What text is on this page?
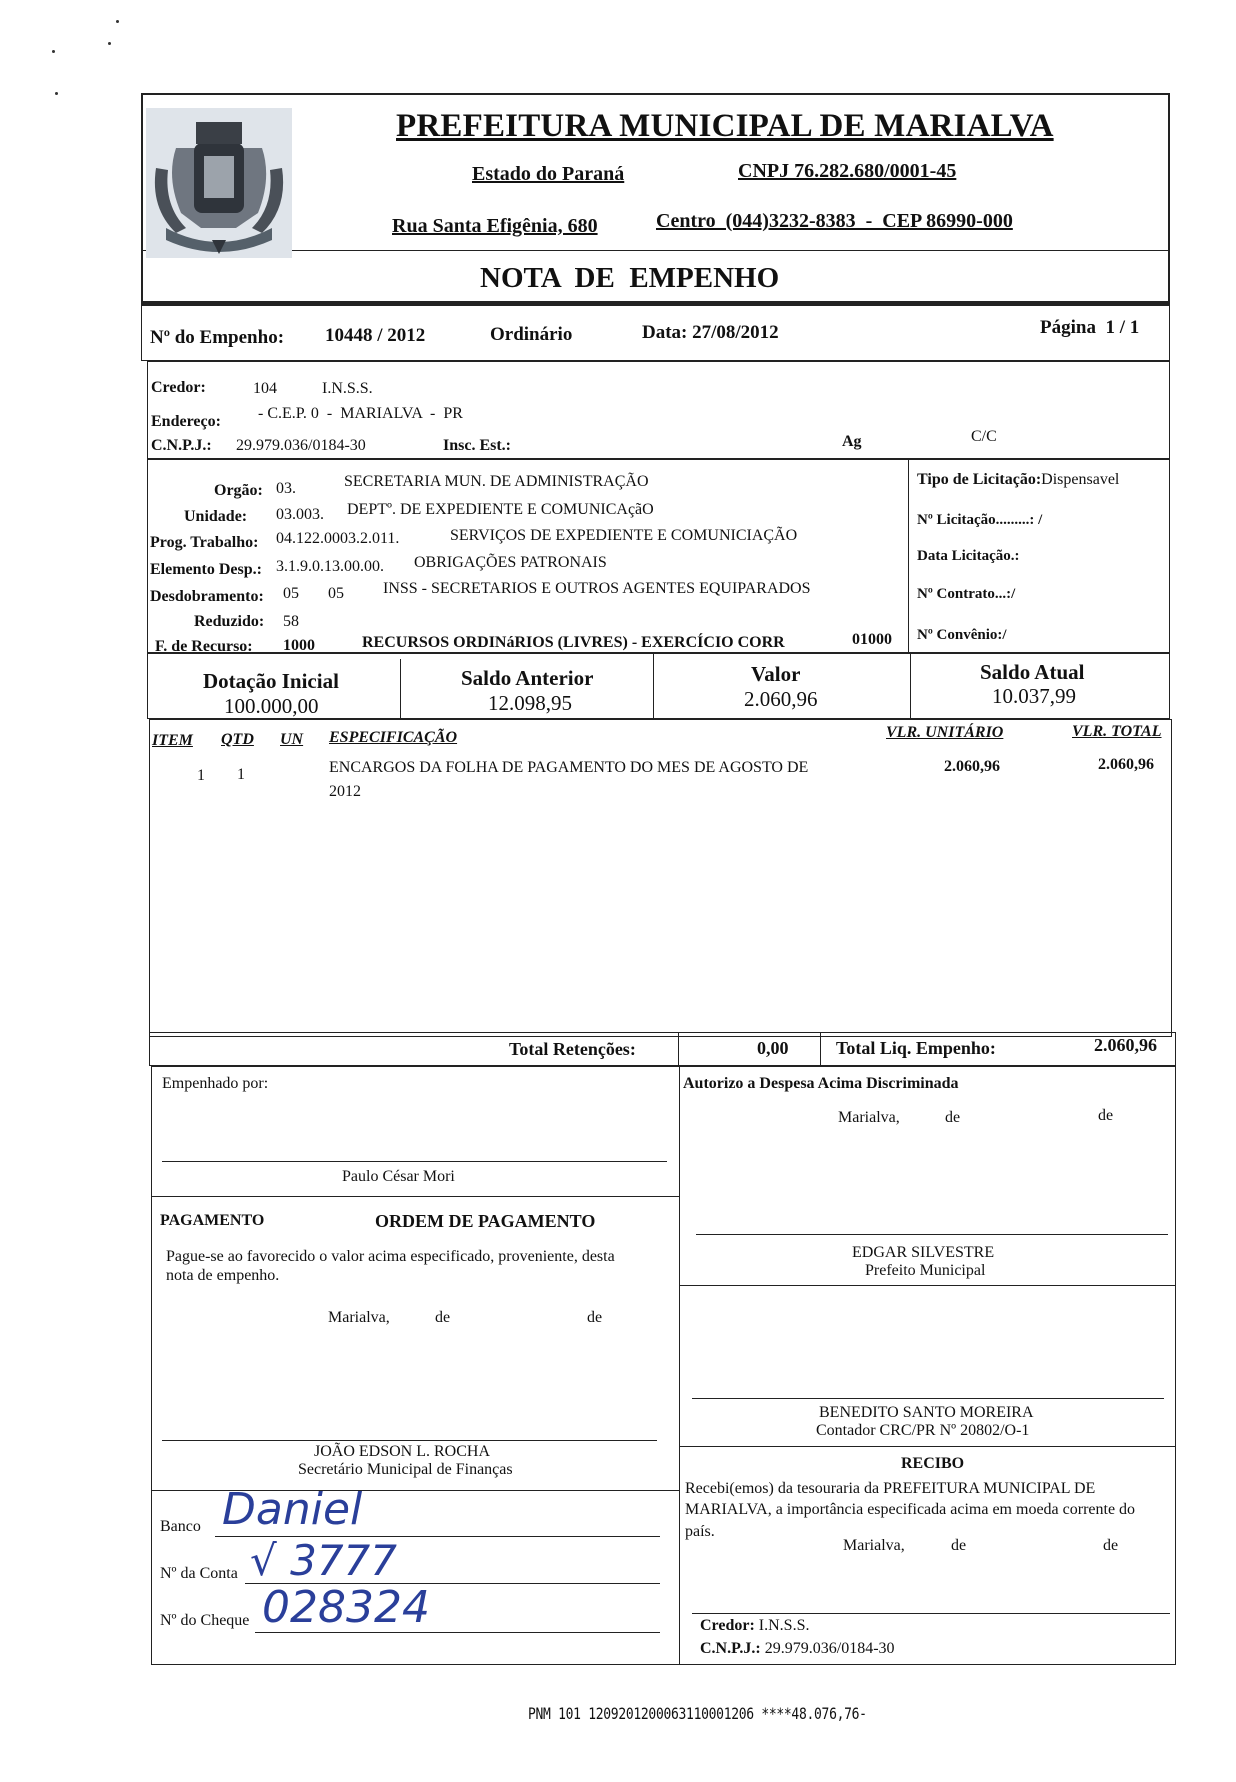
PREFEITURA MUNICIPAL DE MARIALVA
Estado do Paraná	CNPJ 76.282.680/0001-45
Rua Santa Efigênia, 680	Centro  (044)3232-8383  -  CEP 86990-000
NOTA  DE  EMPENHO
Nº do Empenho: 10448 / 2012	Ordinário	Data: 27/08/2012	Página  1 / 1
Credor:	104	I.N.S.S.
Endereço: - C.E.P. 0  -  MARIALVA  -  PR
C.N.P.J.: 29.979.036/0184-30	Insc. Est.:	Ag	C/C
Orgão: 03.	SECRETARIA MUN. DE ADMINISTRAÇÃO
Unidade: 03.003. DEPTº. DE EXPEDIENTE E COMUNICAçãO
Prog. Trabalho: 04.122.0003.2.011.	SERVIÇOS DE EXPEDIENTE E COMUNICIAÇÃO
Elemento Desp.: 3.1.9.0.13.00.00. OBRIGAÇÕES PATRONAIS
Desdobramento: 05 05 INSS - SECRETARIOS E OUTROS AGENTES EQUIPARADOS
Reduzido: 58
F. de Recurso: 1000	RECURSOS ORDINáRIOS (LIVRES) - EXERCÍCIO CORR	01000
Tipo de Licitação:Dispensavel
Nº Licitação.........: /
Data Licitação.:
Nº Contrato...:/
Nº Convênio:/
Dotação Inicial
100.000,00
Saldo Anterior
12.098,95
Valor
2.060,96
Saldo Atual
10.037,99
ITEM QTD UN ESPECIFICAÇÃO	VLR. UNITÁRIO	VLR. TOTAL
1 1	ENCARGOS DA FOLHA DE PAGAMENTO DO MES DE AGOSTO DE
2012
2.060,96	2.060,96
Total Retenções:	0,00	Total Liq. Empenho:	2.060,96
Empenhado por:
Paulo César Mori
PAGAMENTO	ORDEM DE PAGAMENTO
Pague-se ao favorecido o valor acima especificado, proveniente, desta
nota de empenho.
Marialva,	de	de
JOÃO EDSON L. ROCHA
Secretário Municipal de Finanças
Banco Daniel
Nº da Conta √ 3777
Nº do Cheque 028324
Autorizo a Despesa Acima Discriminada
Marialva,	de	de
EDGAR SILVESTRE
Prefeito Municipal
BENEDITO SANTO MOREIRA
Contador CRC/PR Nº 20802/O-1
RECIBO
Recebi(emos) da tesouraria da PREFEITURA MUNICIPAL DE
MARIALVA, a importância especificada acima em moeda corrente do
país.
Marialva,	de	de
Credor: I.N.S.S.
C.N.P.J.: 29.979.036/0184-30
PNM 101 1209201200063110001206 ****48.076,76-
